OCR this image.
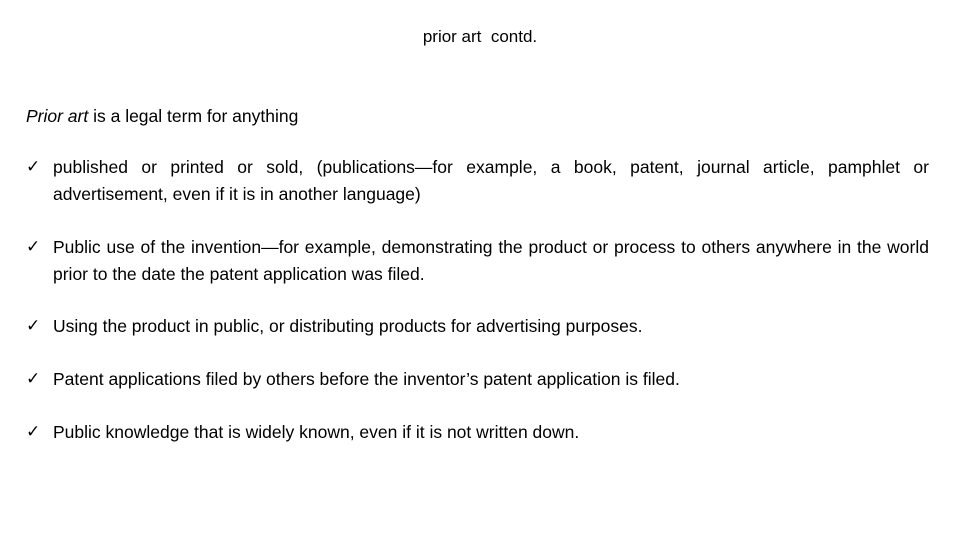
prior art  contd.
Prior art is a legal term for anything
✓ published or printed or sold, (publications—for example, a book, patent, journal article, pamphlet or advertisement, even if it is in another language)
✓ Public use of the invention—for example, demonstrating the product or process to others anywhere in the world prior to the date the patent application was filed.
✓ Using the product in public, or distributing products for advertising purposes.
✓ Patent applications filed by others before the inventor’s patent application is filed.
✓ Public knowledge that is widely known, even if it is not written down.
